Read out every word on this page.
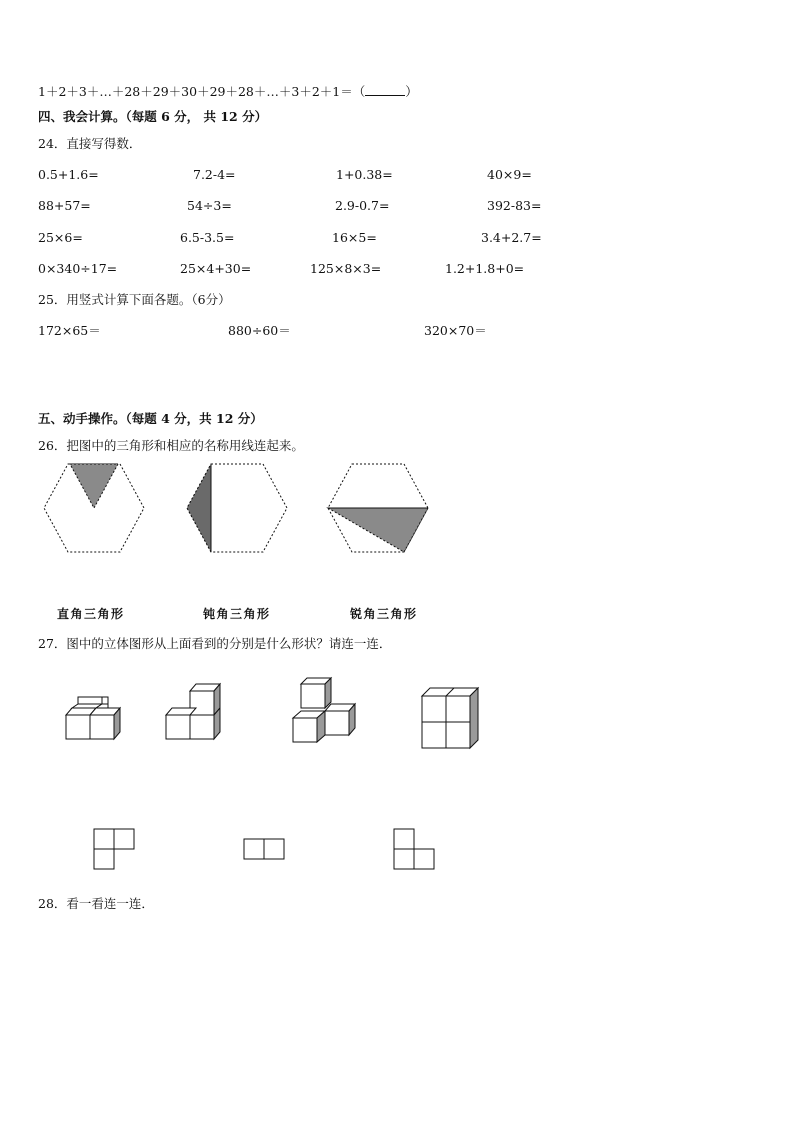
1＋2＋3＋…＋28＋29＋30＋29＋28＋…＋3＋2＋1＝（	）
四、我会计算。（每题 6 分， 共 12 分）
24．直接写得数．
0.5+1.6=	7.2-4=	1+0.38=	40×9=
88+57=	54÷3=	2.9-0.7=	392-83=
25×6=	6.5-3.5=	16×5=	3.4+2.7=
0×340÷17=	25×4+30=	125×8×3=	1.2+1.8+0=
25．用竖式计算下面各题。（6分）
172×65＝	880÷60＝	320×70＝
五、动手操作。（每题 4 分，共 12 分）
26．把图中的三角形和相应的名称用线连起来。
直角三角形	钝角三角形	锐角三角形
27．图中的立体图形从上面看到的分别是什么形状？请连一连．
28．看一看连一连．
